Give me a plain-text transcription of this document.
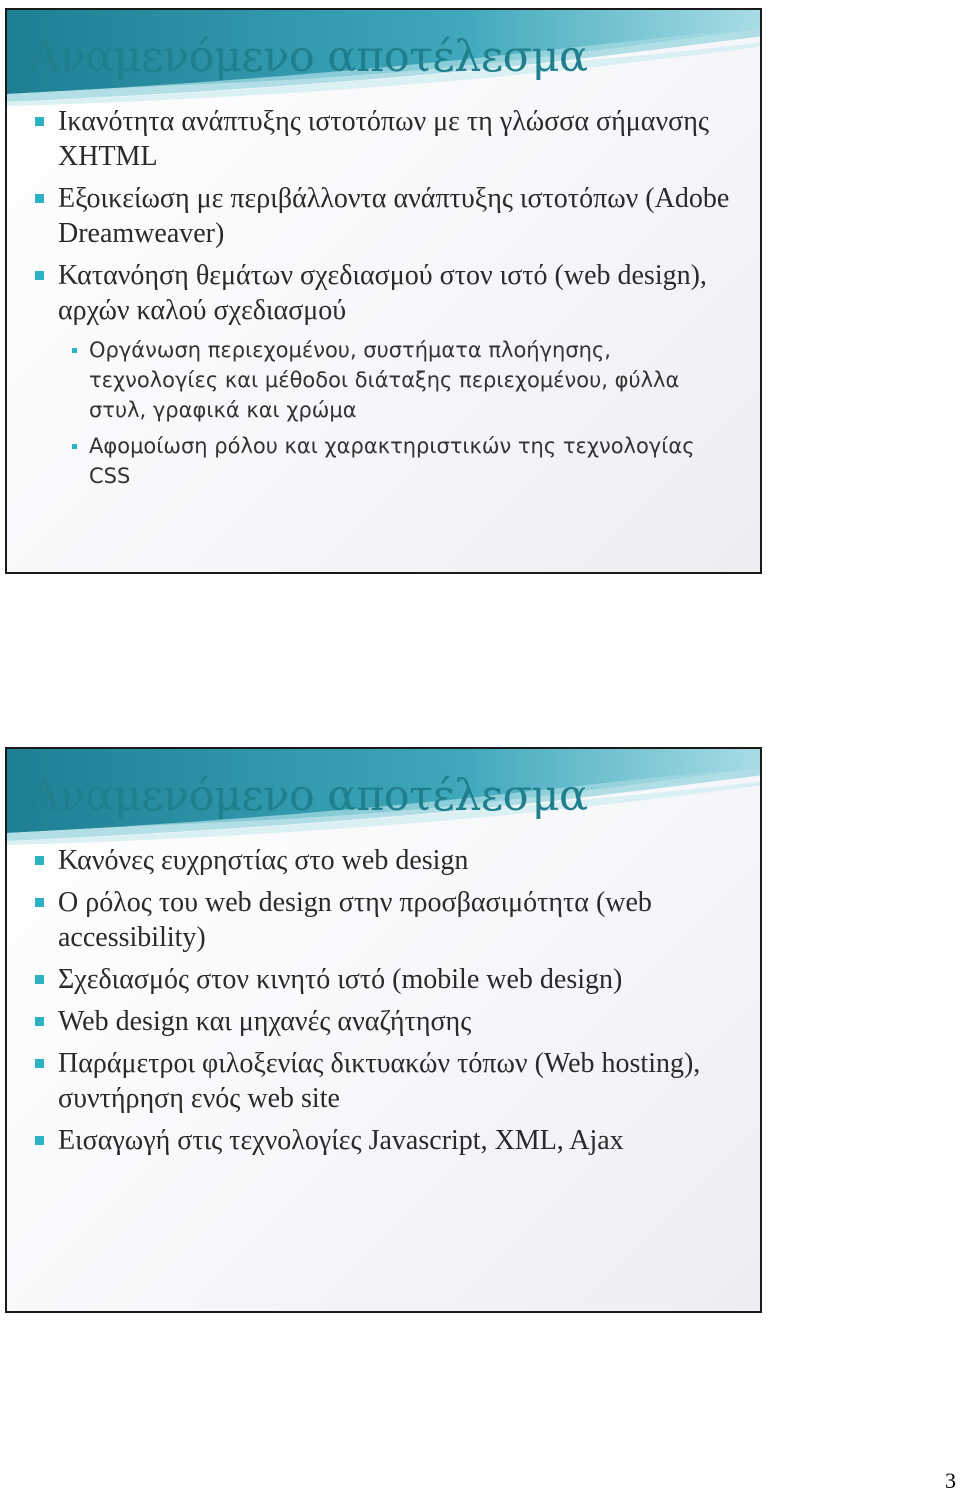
Αναμενόμενο αποτέλεσμα
Ικανότητα ανάπτυξης ιστοτόπων με τη γλώσσα σήμανσης XHTML
Εξοικείωση με περιβάλλοντα ανάπτυξης ιστοτόπων (Adobe Dreamweaver)
Κατανόηση θεμάτων σχεδιασμού στον ιστό (web design), αρχών καλού σχεδιασμού
Οργάνωση περιεχομένου, συστήματα πλοήγησης, τεχνολογίες και μέθοδοι διάταξης περιεχομένου, φύλλα στυλ, γραφικά και χρώμα
Αφομοίωση ρόλου και χαρακτηριστικών της τεχνολογίας CSS
Αναμενόμενο αποτέλεσμα
Κανόνες ευχρηστίας στο web design
Ο ρόλος του web design στην προσβασιμότητα (web accessibility)
Σχεδιασμός στον κινητό ιστό (mobile web design)
Web design και μηχανές αναζήτησης
Παράμετροι φιλοξενίας δικτυακών τόπων (Web hosting), συντήρηση ενός web site
Εισαγωγή στις τεχνολογίες Javascript, XML, Ajax
3
